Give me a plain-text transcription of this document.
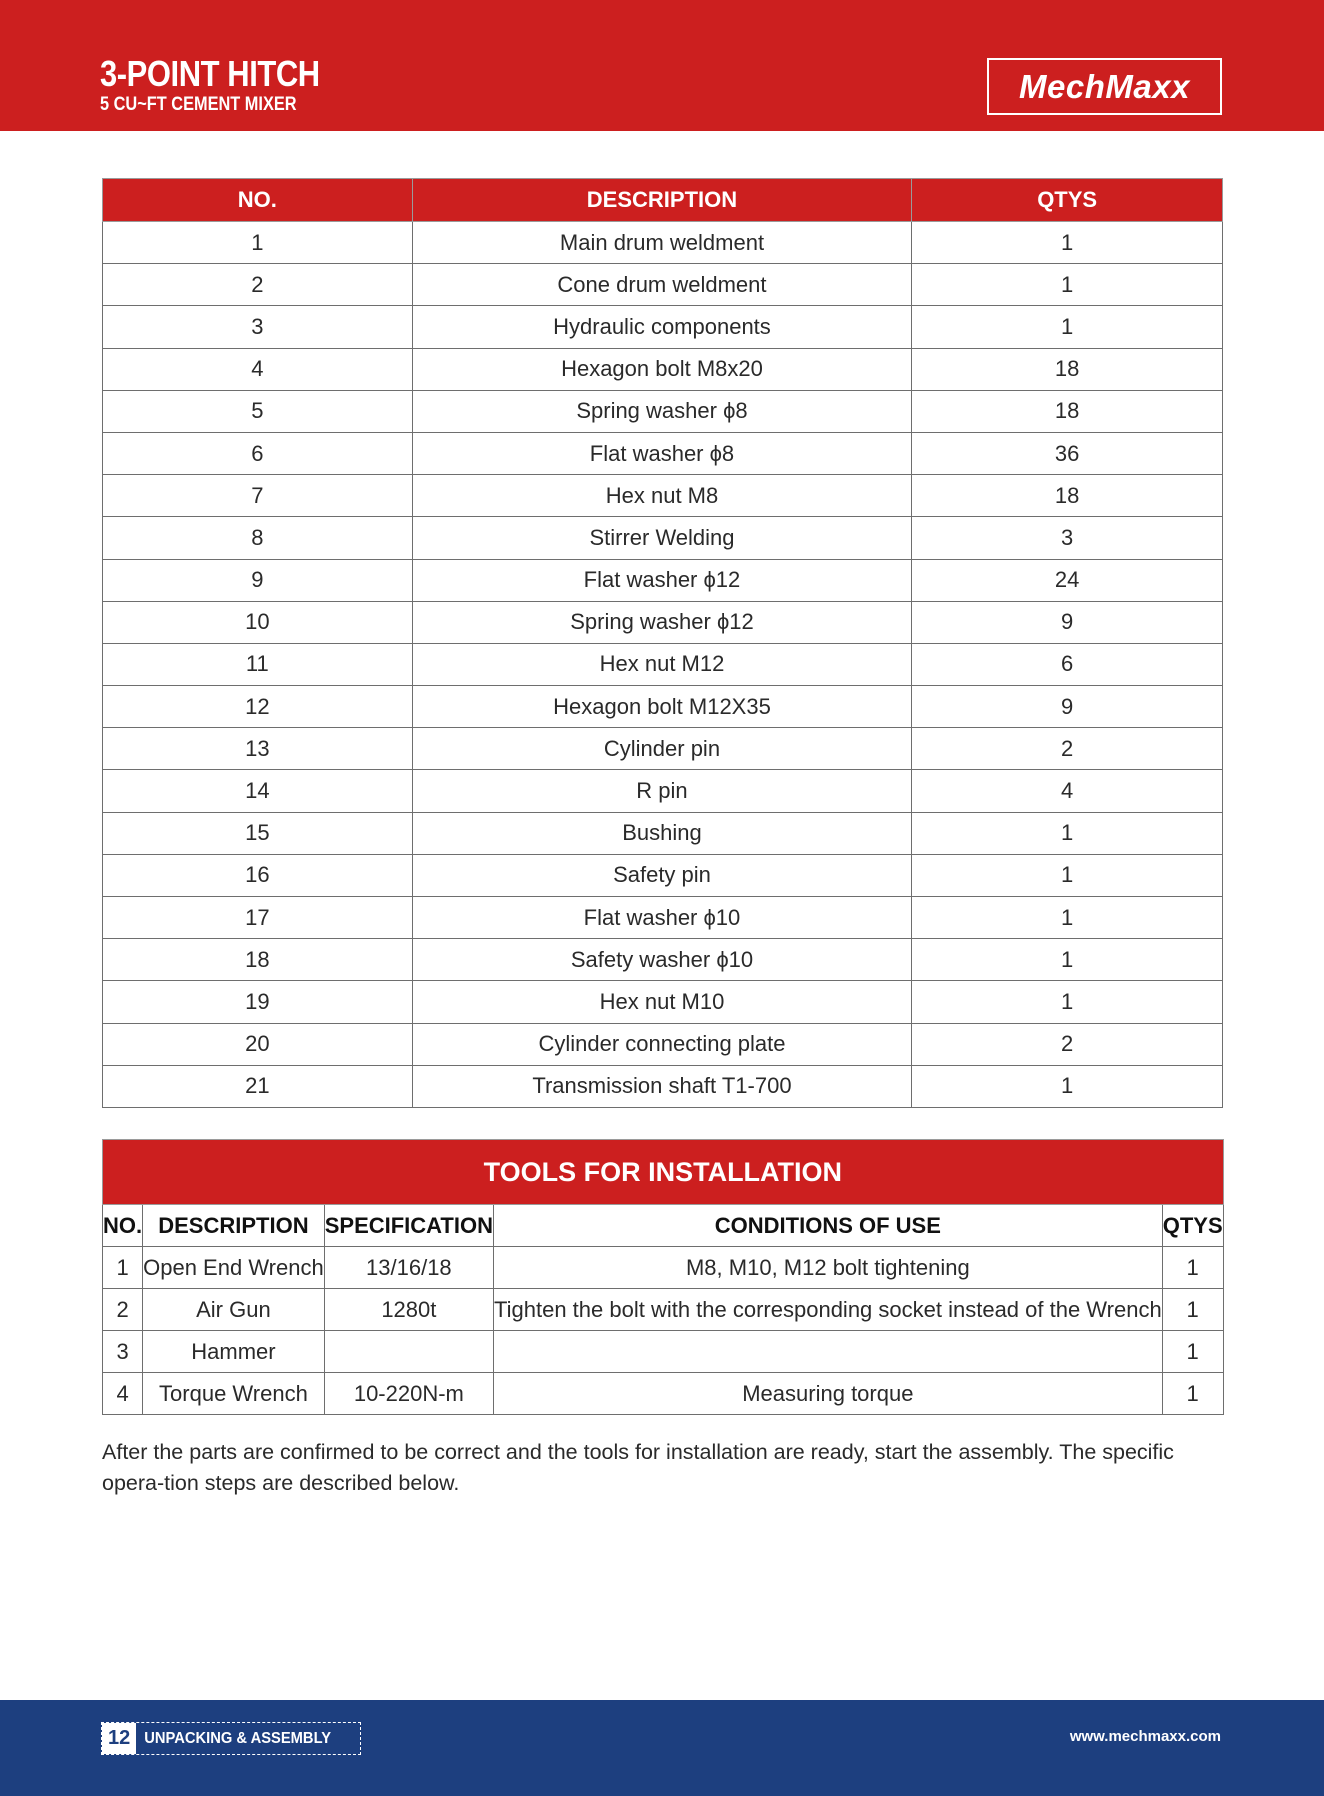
3-POINT HITCH
5 CU~FT CEMENT MIXER	MechMaxx
NO.	DESCRIPTION	QTYS
1	Main drum weldment	1
2	Cone drum weldment	1
3	Hydraulic components	1
4	Hexagon bolt M8x20	18
5	Spring washer ϕ8	18
6	Flat washer ϕ8	36
7	Hex nut M8	18
8	Stirrer Welding	3
9	Flat washer ϕ12	24
10	Spring washer ϕ12	9
11	Hex nut M12	6
12	Hexagon bolt M12X35	9
13	Cylinder pin	2
14	R pin	4
15	Bushing	1
16	Safety pin	1
17	Flat washer ϕ10	1
18	Safety washer ϕ10	1
19	Hex nut M10	1
20	Cylinder connecting plate	2
21	Transmission shaft T1-700	1
TOOLS FOR INSTALLATION				
NO.	DESCRIPTION	SPECIFICATION	CONDITIONS OF USE	QTYS
1	Open End Wrench	13/16/18	M8, M10, M12 bolt tightening	1
2	Air Gun	1280t	Tighten the bolt with the corresponding socket instead of the Wrench	1
3	Hammer			1
4	Torque Wrench	10-220N-m	Measuring torque	1

After the parts are confirmed to be correct and the tools for installation are ready, start the assembly. The specific opera-tion steps are described below.

12 UNPACKING & ASSEMBLY	www.mechmaxx.com
